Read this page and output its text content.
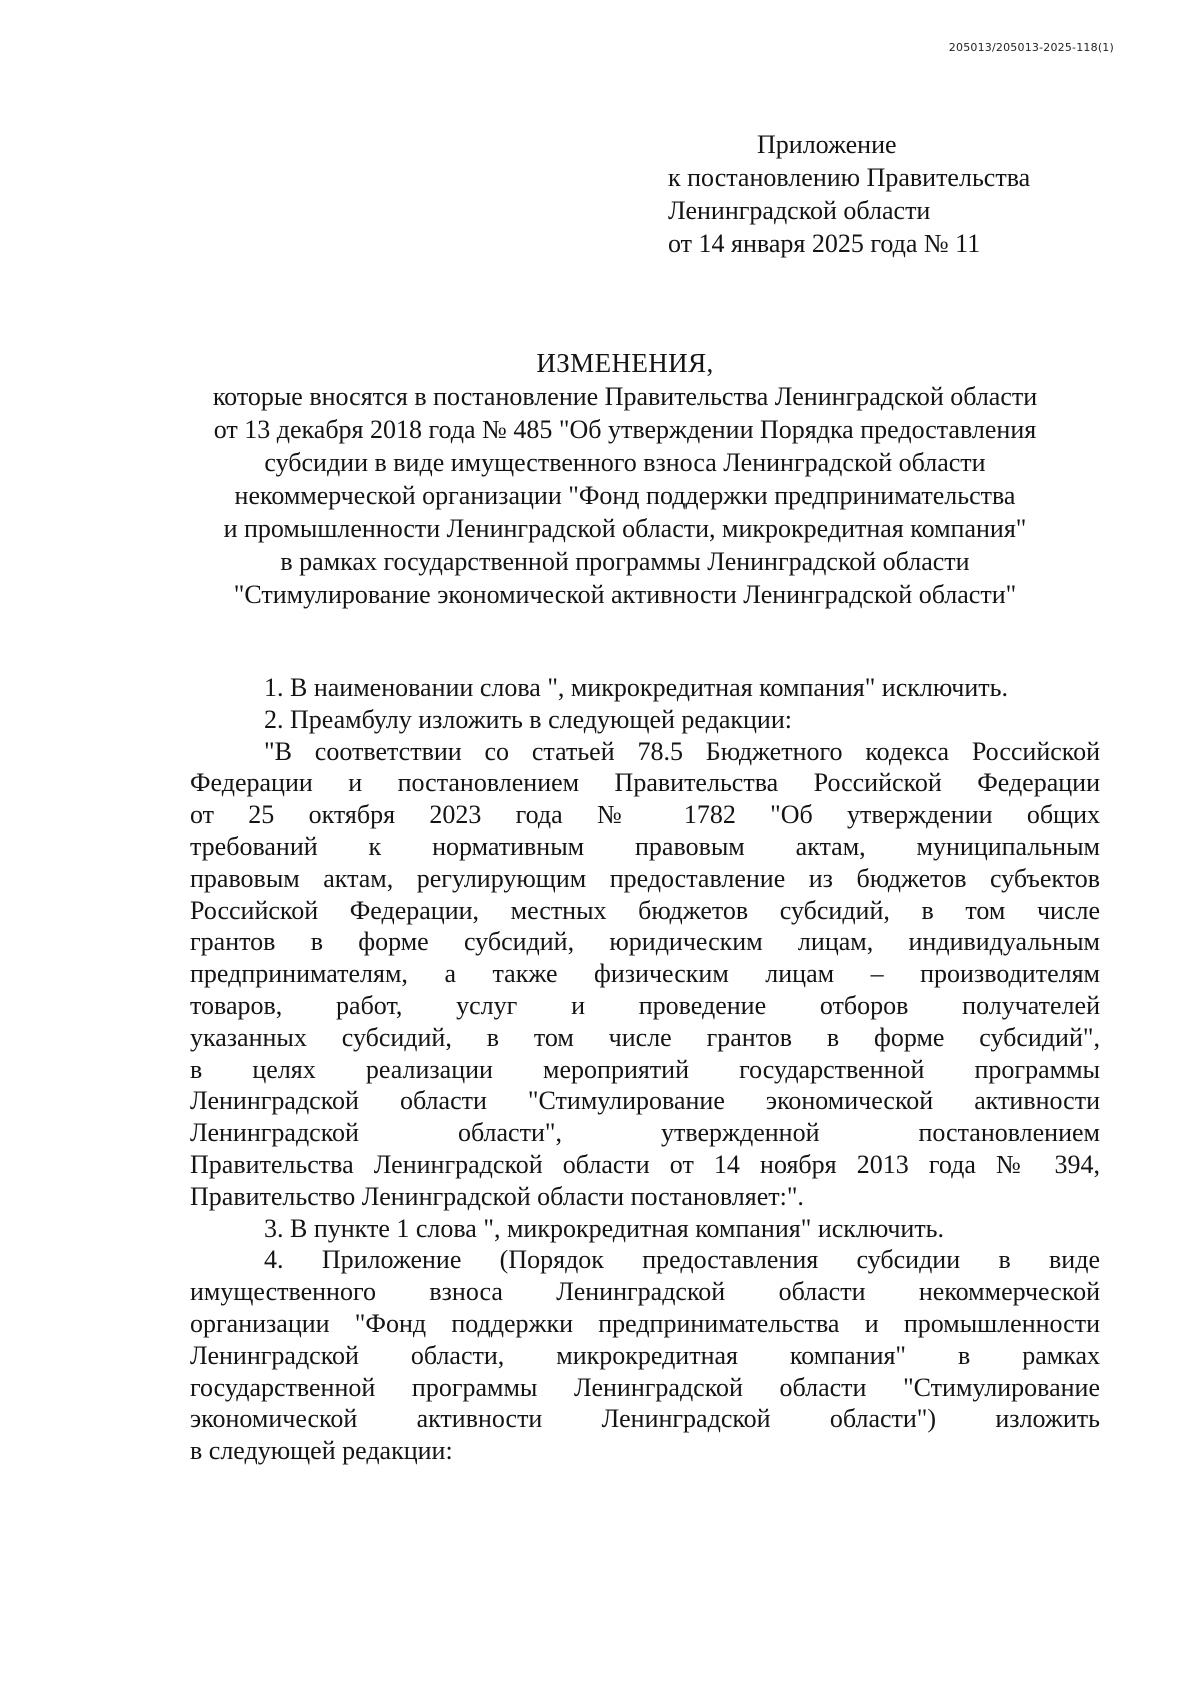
205013/205013-2025-118(1)
Приложение
к постановлению Правительства
Ленинградской области
от 14 января 2025 года № 11
ИЗМЕНЕНИЯ,
которые вносятся в постановление Правительства Ленинградской области
от 13 декабря 2018 года № 485 "Об утверждении Порядка предоставления
субсидии в виде имущественного взноса Ленинградской области
некоммерческой организации "Фонд поддержки предпринимательства
и промышленности Ленинградской области, микрокредитная компания"
в рамках государственной программы Ленинградской области
"Стимулирование экономической активности Ленинградской области"
1. В наименовании слова ", микрокредитная компания" исключить.
2. Преамбулу изложить в следующей редакции:
"В соответствии со статьей 78.5 Бюджетного кодекса Российской
Федерации и постановлением Правительства Российской Федерации
от 25 октября 2023 года № 1782 "Об утверждении общих
требований к нормативным правовым актам, муниципальным
правовым актам, регулирующим предоставление из бюджетов субъектов
Российской Федерации, местных бюджетов субсидий, в том числе
грантов в форме субсидий, юридическим лицам, индивидуальным
предпринимателям, а также физическим лицам – производителям
товаров, работ, услуг и проведение отборов получателей
указанных субсидий, в том числе грантов в форме субсидий",
в целях реализации мероприятий государственной программы
Ленинградской области "Стимулирование экономической активности
Ленинградской области", утвержденной постановлением
Правительства Ленинградской области от 14 ноября 2013 года № 394,
Правительство Ленинградской области постановляет:".
3. В пункте 1 слова ", микрокредитная компания" исключить.
4. Приложение (Порядок предоставления субсидии в виде
имущественного взноса Ленинградской области некоммерческой
организации "Фонд поддержки предпринимательства и промышленности
Ленинградской области, микрокредитная компания" в рамках
государственной программы Ленинградской области "Стимулирование
экономической активности Ленинградской области") изложить
в следующей редакции:
